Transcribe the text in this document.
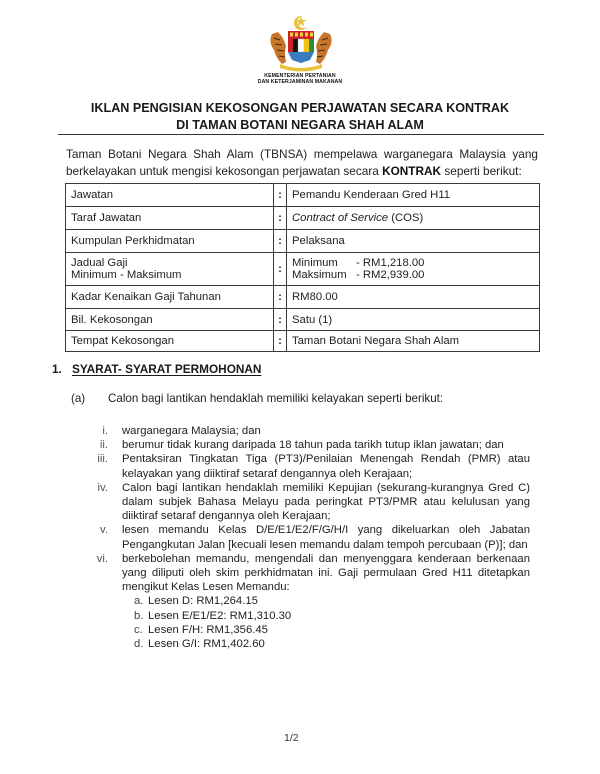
KEMENTERIAN PERTANIAN
DAN KETERJAMINAN MAKANAN
IKLAN PENGISIAN KEKOSONGAN PERJAWATAN SECARA KONTRAK
DI TAMAN BOTANI NEGARA SHAH ALAM

Taman Botani Negara Shah Alam (TBNSA) mempelawa warganegara Malaysia yang berkelayakan untuk mengisi kekosongan perjawatan secara KONTRAK seperti berikut:

Jawatan	:	Pemandu Kenderaan Gred H11
Taraf Jawatan	:	Contract of Service (COS)
Kumpulan Perkhidmatan	:	Pelaksana

Jadual Gaji
Minimum - Maksimum	:	Minimum	- RM1,218.00
Maksimum - RM2,939.00

Kadar Kenaikan Gaji Tahunan	:	RM80.00
Bil. Kekosongan	:	Satu (1)
Tempat Kekosongan	:	Taman Botani Negara Shah Alam
1. SYARAT- SYARAT PERMOHONAN
(a) Calon bagi lantikan hendaklah memiliki kelayakan seperti berikut:
i.	warganegara Malaysia; dan
ii.	berumur tidak kurang daripada 18 tahun pada tarikh tutup iklan jawatan; dan
iii.	Pentaksiran Tingkatan Tiga (PT3)/Penilaian Menengah Rendah (PMR) atau kelayakan yang diiktiraf setaraf dengannya oleh Kerajaan;
iv.	Calon bagi lantikan hendaklah memiliki Kepujian (sekurang-kurangnya Gred C) dalam subjek Bahasa Melayu pada peringkat PT3/PMR atau kelulusan yang diiktiraf setaraf dengannya oleh Kerajaan;
v.	lesen memandu Kelas D/E/E1/E2/F/G/H/I yang dikeluarkan oleh Jabatan Pengangkutan Jalan [kecuali lesen memandu dalam tempoh percubaan (P)]; dan
vi.	berkebolehan memandu, mengendali dan menyenggara kenderaan berkenaan yang diliputi oleh skim perkhidmatan ini. Gaji permulaan Gred H11 ditetapkan mengikut Kelas Lesen Memandu:
a. Lesen D: RM1,264.15
b. Lesen E/E1/E2: RM1,310.30
c. Lesen F/H: RM1,356.45
d. Lesen G/I: RM1,402.60
1/2
